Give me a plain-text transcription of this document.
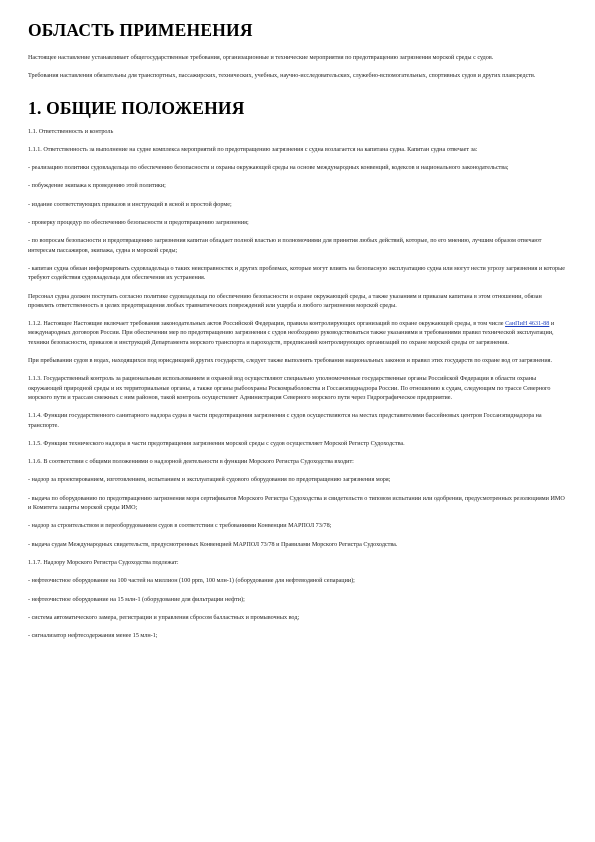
ОБЛАСТЬ ПРИМЕНЕНИЯ

Настоящее наставление устанавливает общегосударственные требования, организационные и технические мероприятия по предотвращению загрязнения морской среды с судов.

Требования наставления обязательны для транспортных, пассажирских, технических, учебных, научно-исследовательских, служебно-вспомогательных, спортивных судов и других плавсредств.

1. ОБЩИЕ ПОЛОЖЕНИЯ

1.1. Ответственность и контроль

1.1.1. Ответственность за выполнение на судне комплекса мероприятий по предотвращению загрязнения с судна возлагается на капитана судна. Капитан судна отвечает за:

- реализацию политики судовладельца по обеспечению безопасности и охраны окружающей среды на основе международных конвенций, кодексов и национального законодательства;

- побуждение экипажа к проведению этой политики;

- издание соответствующих приказов и инструкций в ясной и простой форме;

- проверку процедур по обеспечению безопасности и предотвращению загрязнения;

- по вопросам безопасности и предотвращению загрязнения капитан обладает полной властью и полномочиями для принятия любых действий, которые, по его мнению, лучшим образом отвечают интересам пассажиров, экипажа, судна и морской среды;

- капитан судна обязан информировать судовладельца о таких неисправностях и других проблемах, которые могут влиять на безопасную эксплуатацию судна или могут нести угрозу загрязнения и которые требуют содействия судовладельца для обеспечения их устранения.

Персонал судна должен поступать согласно политике судовладельца по обеспечению безопасности и охране окружающей среды, а также указаниям и приказам капитана в этом отношении, обязан проявлять ответственность в целях предотвращения любых травматических повреждений или ущерба и любого загрязнения морской среды.

1.1.2. Настоящее Настоящие включает требования законодательных актов Российской Федерации, правила контролирующих организаций по охране окружающей среды, в том числе СанПиН 4631-88 и международных договоров России. При обеспечении мер по предотвращению загрязнения с судов необходимо руководствоваться также указаниями и требованиями правил технической эксплуатации, техники безопасности, приказов и инструкций Департамента морского транспорта и пароходств, предписаний контролирующих организаций по охране морской среды от загрязнения.

При пребывании судов в водах, находящихся под юрисдикцией других государств, следует также выполнять требования национальных законов и правил этих государств по охране вод от загрязнения.

1.1.3. Государственный контроль за рациональным использованием и охраной вод осуществляют специально уполномоченные государственные органы Российской Федерации в области охраны окружающей природной среды и их территориальные органы, а также органы рыбоохраны Роскомрыболовства и Госсанэпиднадзора России. По отношению к судам, следующим по трассе Северного морского пути и трассам смежных с ним районов, такой контроль осуществляет Администрация Северного морского пути через Гидрографическое предприятие.

1.1.4. Функции государственного санитарного надзора судна в части предотвращения загрязнения с судов осуществляются на местах представителями бассейновых центров Госсанэпиднадзора на транспорте.

1.1.5. Функции технического надзора в части предотвращения загрязнения морской среды с судов осуществляет Морской Регистр Судоходства.

1.1.6. В соответствии с общими положениями о надзорной деятельности в функции Морского Регистра Судоходства входит:

- надзор за проектированием, изготовлением, испытанием и эксплуатацией судового оборудования по предотвращению загрязнения моря;

- выдача по оборудованию по предотвращению загрязнения моря сертификатов Морского Регистра Судоходства и свидетельств о типовом испытании или одобрении, предусмотренных резолюциями ИМО и Комитета защиты морской среды ИМО;

- надзор за строительством и переоборудованием судов в соответствии с требованиями Конвенции МАРПОЛ 73/78;

- выдача судам Международных свидетельств, предусмотренных Конвенцией МАРПОЛ 73/78 и Правилами Морского Регистра Судоходства.

1.1.7. Надзору Морского Регистра Судоходства подлежат:

- нефтеочистное оборудование на 100 частей на миллион (100 ppm, 100 млн-1) (оборудование для нефтеводяной сепарации);

- нефтеочистное оборудование на 15 млн-1 (оборудование для фильтрации нефти);

- система автоматического замера, регистрации и управления сбросом балластных и промывочных вод;

- сигнализатор нефтесодержания менее 15 млн-1;
